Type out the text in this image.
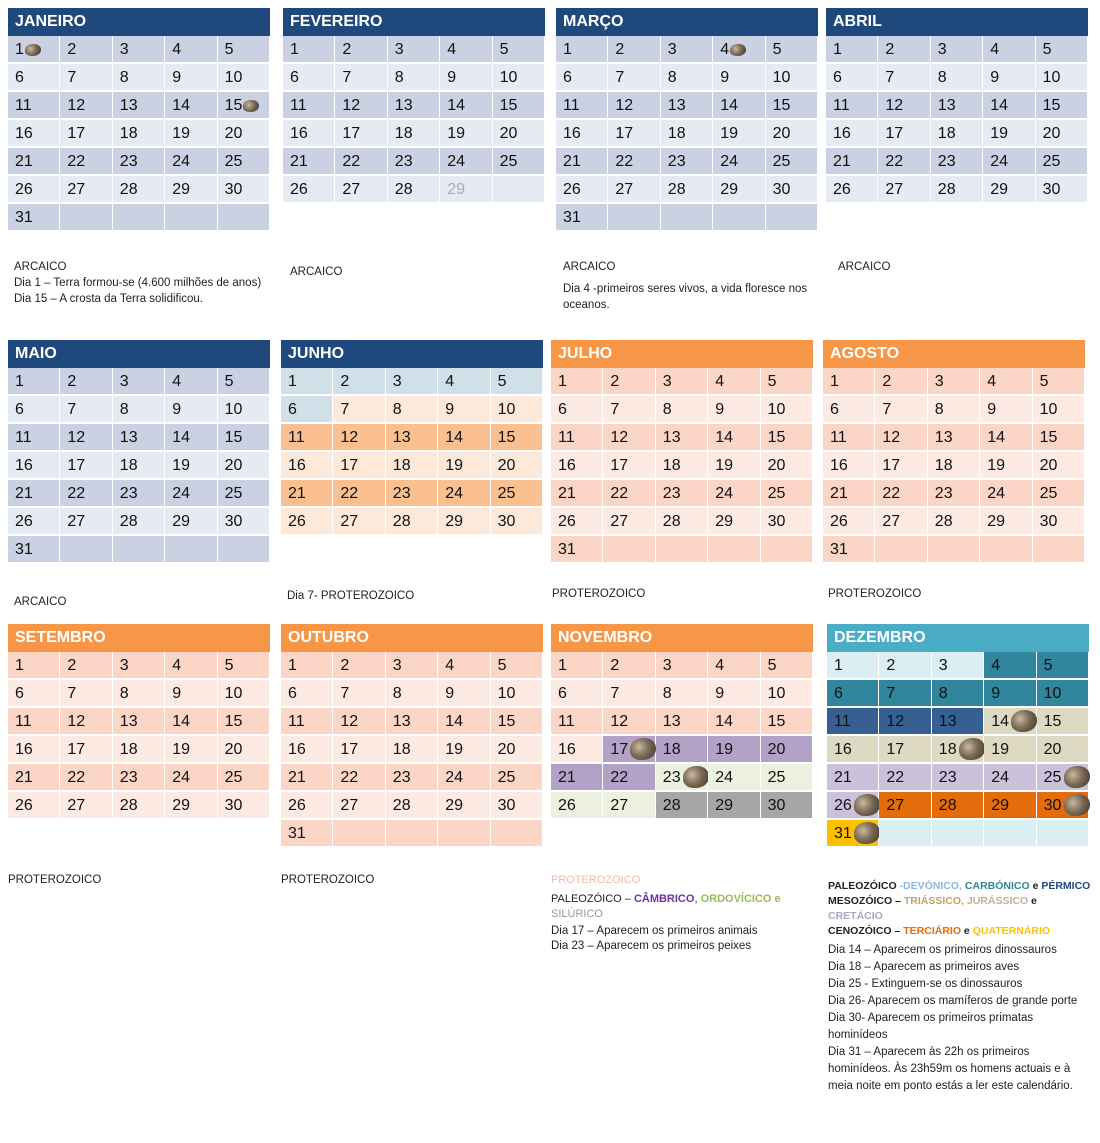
JANEIRO
1	2	3	4	5
6	7	8	9	10
11	12	13	14	15
16	17	18	19	20
21	22	23	24	25
26	27	28	29	30
31
FEVEREIRO
1	2	3	4	5
6	7	8	9	10
11	12	13	14	15
16	17	18	19	20
21	22	23	24	25
26	27	28	29
MARÇO
1	2	3	4	5
6	7	8	9	10
11	12	13	14	15
16	17	18	19	20
21	22	23	24	25
26	27	28	29	30
31
ABRIL
1	2	3	4	5
6	7	8	9	10
11	12	13	14	15
16	17	18	19	20
21	22	23	24	25
26	27	28	29	30
MAIO
1	2	3	4	5
6	7	8	9	10
11	12	13	14	15
16	17	18	19	20
21	22	23	24	25
26	27	28	29	30
31
JUNHO
1	2	3	4	5
6	7	8	9	10
11	12	13	14	15
16	17	18	19	20
21	22	23	24	25
26	27	28	29	30
JULHO
1	2	3	4	5
6	7	8	9	10
11	12	13	14	15
16	17	18	19	20
21	22	23	24	25
26	27	28	29	30
31
AGOSTO
1	2	3	4	5
6	7	8	9	10
11	12	13	14	15
16	17	18	19	20
21	22	23	24	25
26	27	28	29	30
31
SETEMBRO
1	2	3	4	5
6	7	8	9	10
11	12	13	14	15
16	17	18	19	20
21	22	23	24	25
26	27	28	29	30
OUTUBRO
1	2	3	4	5
6	7	8	9	10
11	12	13	14	15
16	17	18	19	20
21	22	23	24	25
26	27	28	29	30
31
NOVEMBRO
1	2	3	4	5
6	7	8	9	10
11	12	13	14	15
16	17	18	19	20
21	22	23	24	25
26	27	28	29	30
DEZEMBRO
1	2	3	4	5
6	7	8	9	10
11	12	13	14	15
16	17	18	19	20
21	22	23	24	25
26	27	28	29	30
31

ARCAICO

Dia 1 – Terra formou-se (4.600 milhões de anos)

Dia 15 – A crosta da Terra solidificou.

ARCAICO	ARCAICO

Dia 4 -primeiros seres vivos, a vida floresce nos oceanos.

ARCAICO

ARCAICO	Dia 7- PROTEROZOICO	PROTEROZOICO	PROTEROZOICO

PROTEROZOICO	PROTEROZOICO	PROTEROZOICO

PALEOZÓICO – CÂMBRICO, ORDOVÍCICO e

SILÚRICO

Dia 17 – Aparecem os primeiros animais

Dia 23 – Aparecem os primeiros peixes

PALEOZÓICO -DEVÓNICO, CARBÓNICO e PÉRMICO

MESOZÓICO – TRIÁSSICO, JURÁSSICO e CRETÁCIO

CENOZÓICO – TERCIÁRIO e QUATERNÁRIO

Dia 14 – Aparecem os primeiros dinossauros

Dia 18 – Aparecem as primeiros aves

Dia 25 - Extinguem-se os dinossauros

Dia 26- Aparecem os mamíferos de grande porte

Dia 30- Aparecem os primeiros primatas hominídeos

Dia 31 – Aparecem às 22h os primeiros hominídeos. Às 23h59m os homens actuais e à meia noite em ponto estás a ler este calendário.
